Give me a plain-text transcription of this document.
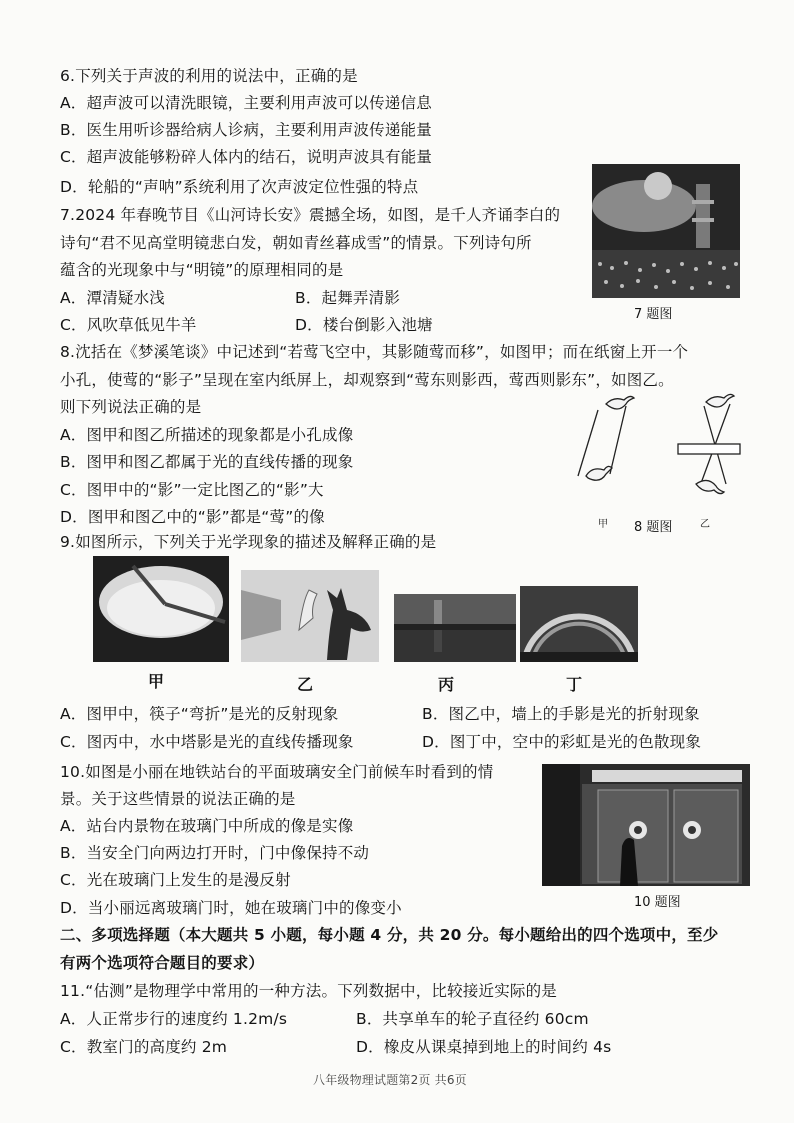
6.下列关于声波的利用的说法中，正确的是
A．超声波可以清洗眼镜，主要利用声波可以传递信息
B．医生用听诊器给病人诊病，主要利用声波传递能量
C．超声波能够粉碎人体内的结石，说明声波具有能量
D．轮船的“声呐”系统利用了次声波定位性强的特点
7 题图
7.2024 年春晚节目《山河诗长安》震撼全场，如图，是千人齐诵李白的
诗句“君不见高堂明镜悲白发，朝如青丝暮成雪”的情景。下列诗句所
蕴含的光现象中与“明镜”的原理相同的是
A．潭清疑水浅	B．起舞弄清影
C．风吹草低见牛羊	D．楼台倒影入池塘
8.沈括在《梦溪笔谈》中记述到“若莺飞空中，其影随莺而移”，如图甲；而在纸窗上开一个
小孔，使莺的“影子”呈现在室内纸屏上，却观察到“莺东则影西，莺西则影东”，如图乙。
则下列说法正确的是
A．图甲和图乙所描述的现象都是小孔成像
B．图甲和图乙都属于光的直线传播的现象
C．图甲中的“影”一定比图乙的“影”大
D．图甲和图乙中的“影”都是“莺”的像	甲 8 题图	乙
9.如图所示，下列关于光学现象的描述及解释正确的是
甲	乙	丙	丁
A．图甲中，筷子“弯折”是光的反射现象	B．图乙中，墙上的手影是光的折射现象
C．图丙中，水中塔影是光的直线传播现象	D．图丁中，空中的彩虹是光的色散现象
10.如图是小丽在地铁站台的平面玻璃安全门前候车时看到的情
景。关于这些情景的说法正确的是
A．站台内景物在玻璃门中所成的像是实像
B．当安全门向两边打开时，门中像保持不动
C．光在玻璃门上发生的是漫反射
D．当小丽远离玻璃门时，她在玻璃门中的像变小	10 题图
二、多项选择题（本大题共 5 小题，每小题 4 分，共 20 分。每小题给出的四个选项中，至少
有两个选项符合题目的要求）
11.“估测”是物理学中常用的一种方法。下列数据中，比较接近实际的是
A．人正常步行的速度约 1.2m/s	B．共享单车的轮子直径约 60cm
C．教室门的高度约 2m	D．橡皮从课桌掉到地上的时间约 4s
八年级物理试题第2页 共6页
